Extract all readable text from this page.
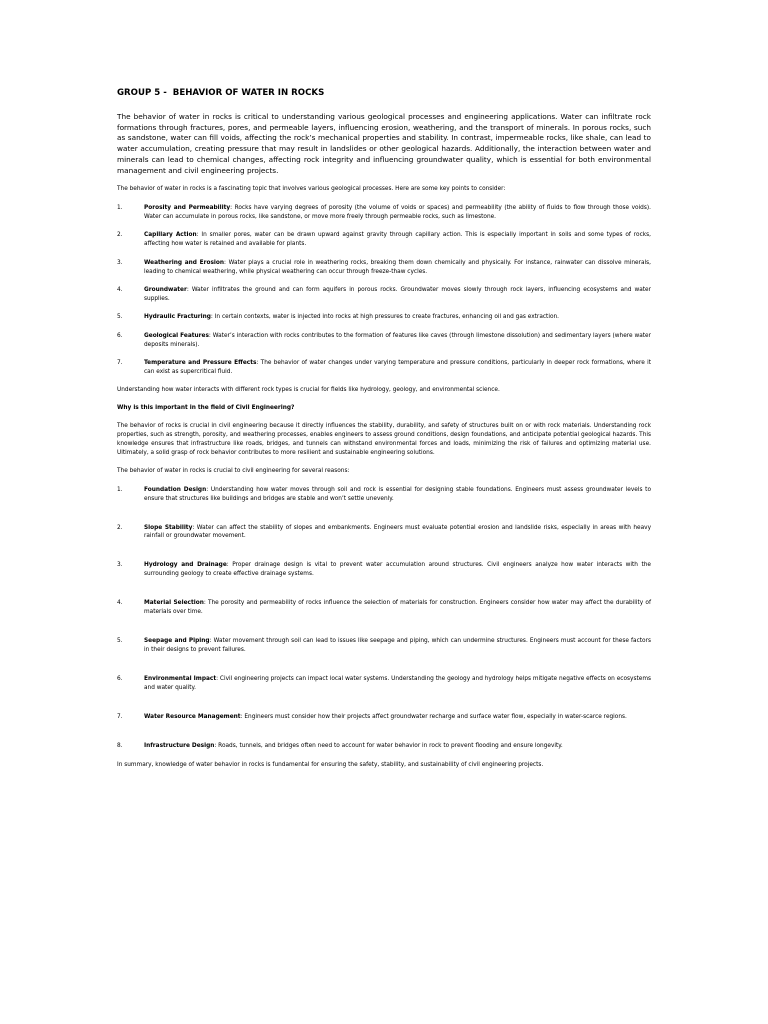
GROUP 5 -  BEHAVIOR OF WATER IN ROCKS

The behavior of water in rocks is critical to understanding various geological processes and engineering applications. Water can infiltrate rock formations through fractures, pores, and permeable layers, influencing erosion, weathering, and the transport of minerals. In porous rocks, such as sandstone, water can fill voids, affecting the rock’s mechanical properties and stability. In contrast, impermeable rocks, like shale, can lead to water accumulation, creating pressure that may result in landslides or other geological hazards. Additionally, the interaction between water and minerals can lead to chemical changes, affecting rock integrity and influencing groundwater quality, which is essential for both environmental management and civil engineering projects.

The behavior of water in rocks is a fascinating topic that involves various geological processes. Here are some key points to consider:

1.	Porosity and Permeability: Rocks have varying degrees of porosity (the volume of voids or spaces) and permeability (the ability of fluids to flow through those voids). Water can accumulate in porous rocks, like sandstone, or move more freely through permeable rocks, such as limestone.
2.	Capillary Action: In smaller pores, water can be drawn upward against gravity through capillary action. This is especially important in soils and some types of rocks, affecting how water is retained and available for plants.
3.	Weathering and Erosion: Water plays a crucial role in weathering rocks, breaking them down chemically and physically. For instance, rainwater can dissolve minerals, leading to chemical weathering, while physical weathering can occur through freeze-thaw cycles.
4.	Groundwater: Water infiltrates the ground and can form aquifers in porous rocks. Groundwater moves slowly through rock layers, influencing ecosystems and water supplies.
5.	Hydraulic Fracturing: In certain contexts, water is injected into rocks at high pressures to create fractures, enhancing oil and gas extraction.
6.	Geological Features: Water’s interaction with rocks contributes to the formation of features like caves (through limestone dissolution) and sedimentary layers (where water deposits minerals).
7.	Temperature and Pressure Effects: The behavior of water changes under varying temperature and pressure conditions, particularly in deeper rock formations, where it can exist as supercritical fluid.

Understanding how water interacts with different rock types is crucial for fields like hydrology, geology, and environmental science.

Why is this important in the field of Civil Engineering?

The behavior of rocks is crucial in civil engineering because it directly influences the stability, durability, and safety of structures built on or with rock materials. Understanding rock properties, such as strength, porosity, and weathering processes, enables engineers to assess ground conditions, design foundations, and anticipate potential geological hazards. This knowledge ensures that infrastructure like roads, bridges, and tunnels can withstand environmental forces and loads, minimizing the risk of failures and optimizing material use. Ultimately, a solid grasp of rock behavior contributes to more resilient and sustainable engineering solutions.

The behavior of water in rocks is crucial to civil engineering for several reasons:

1.	Foundation Design: Understanding how water moves through soil and rock is essential for designing stable foundations. Engineers must assess groundwater levels to ensure that structures like buildings and bridges are stable and won’t settle unevenly.
2.	Slope Stability: Water can affect the stability of slopes and embankments. Engineers must evaluate potential erosion and landslide risks, especially in areas with heavy rainfall or groundwater movement.
3.	Hydrology and Drainage: Proper drainage design is vital to prevent water accumulation around structures. Civil engineers analyze how water interacts with the surrounding geology to create effective drainage systems.
4.	Material Selection: The porosity and permeability of rocks influence the selection of materials for construction. Engineers consider how water may affect the durability of materials over time.
5.	Seepage and Piping: Water movement through soil can lead to issues like seepage and piping, which can undermine structures. Engineers must account for these factors in their designs to prevent failures.
6.	Environmental Impact: Civil engineering projects can impact local water systems. Understanding the geology and hydrology helps mitigate negative effects on ecosystems and water quality.
7.	Water Resource Management: Engineers must consider how their projects affect groundwater recharge and surface water flow, especially in water-scarce regions.
8.	Infrastructure Design: Roads, tunnels, and bridges often need to account for water behavior in rock to prevent flooding and ensure longevity.

In summary, knowledge of water behavior in rocks is fundamental for ensuring the safety, stability, and sustainability of civil engineering projects.
